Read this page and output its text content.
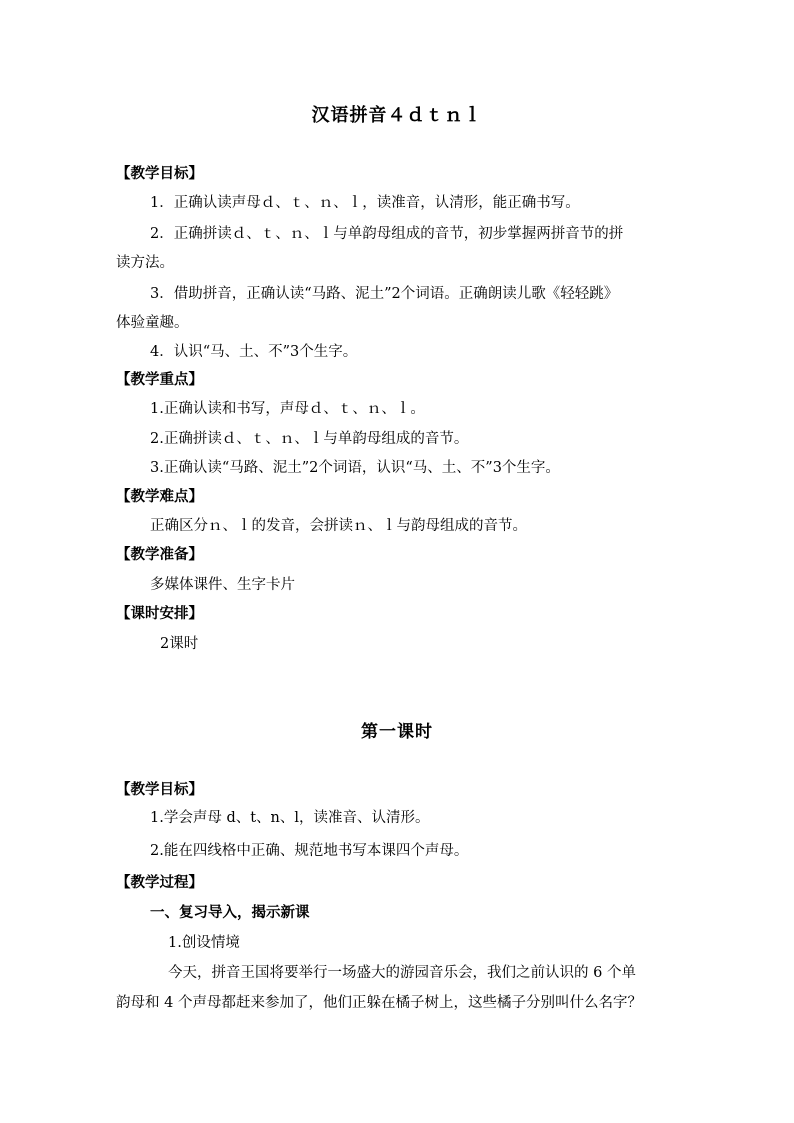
汉语拼音４ｄｔｎｌ
【教学目标】
1．正确认读声母ｄ、ｔ、ｎ、ｌ，读准音，认清形，能正确书写。
2．正确拼读ｄ、ｔ、ｎ、ｌ与单韵母组成的音节，初步掌握两拼音节的拼
读方法。
3．借助拼音，正确认读“马路、泥土”2个词语。正确朗读儿歌《轻轻跳》
体验童趣。
4．认识“马、土、不”3个生字。
【教学重点】
1.正确认读和书写，声母ｄ、ｔ、ｎ、ｌ。
2.正确拼读ｄ、ｔ、ｎ、ｌ与单韵母组成的音节。
3.正确认读“马路、泥土”2个词语，认识“马、土、不”3个生字。
【教学难点】
正确区分ｎ、ｌ的发音，会拼读ｎ、ｌ与韵母组成的音节。
【教学准备】
多媒体课件、生字卡片
【课时安排】
2课时
第一课时
【教学目标】
1.学会声母 d、t、n、l，读准音、认清形。
2.能在四线格中正确、规范地书写本课四个声母。
【教学过程】
一、复习导入，揭示新课
1.创设情境
今天，拼音王国将要举行一场盛大的游园音乐会，我们之前认识的 6 个单
韵母和 4 个声母都赶来参加了，他们正躲在橘子树上，这些橘子分别叫什么名字？
